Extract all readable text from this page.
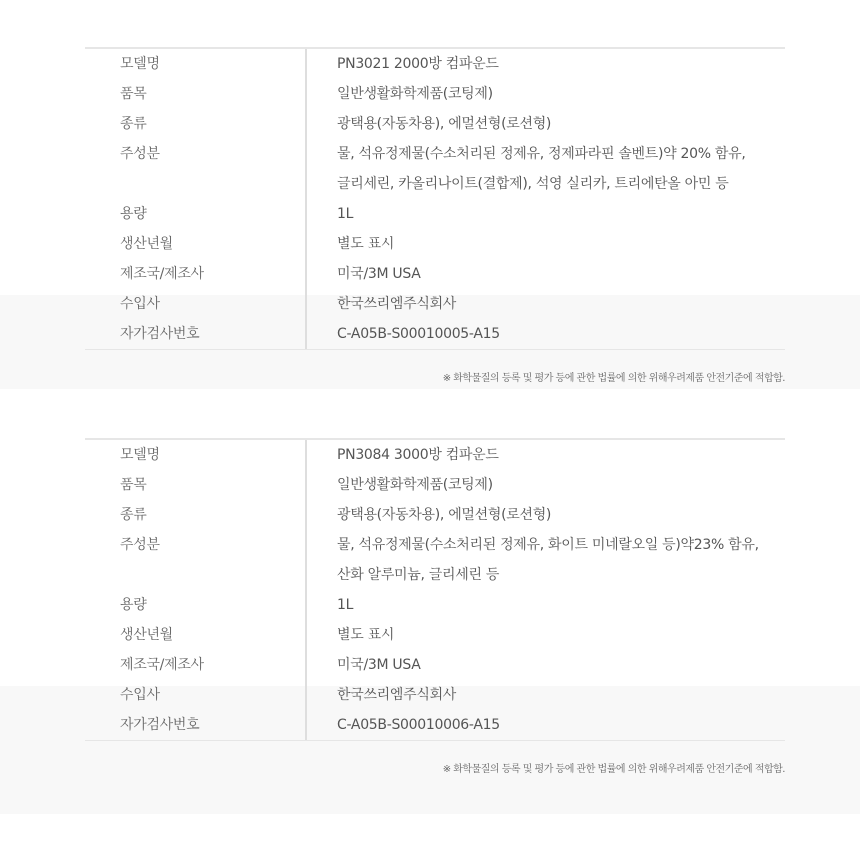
모델명	PN3021 2000방 컴파운드
품목	일반생활화학제품(코팅제)
종류	광택용(자동차용), 에멀션형(로션형)
주성분	물, 석유정제물(수소처리된 정제유, 정제파라핀 솔벤트)약 20% 함유,
글리세린, 카올리나이트(결합제), 석영 실리카, 트리에탄올 아민 등

용량	1L
생산년월	별도 표시
제조국/제조사	미국/3M USA
수입사	한국쓰리엠주식회사
자가검사번호	C-A05B-S00010005-A15
※ 화학물질의 등록 및 평가 등에 관한 법률에 의한 위해우려제품 안전기준에 적합함.
모델명	PN3084 3000방 컴파운드
품목	일반생활화학제품(코팅제)
종류	광택용(자동차용), 에멀션형(로션형)
주성분	물, 석유정제물(수소처리된 정제유, 화이트 미네랄오일 등)약23% 함유,
산화 알루미늄, 글리세린 등

용량	1L
생산년월	별도 표시
제조국/제조사	미국/3M USA
수입사	한국쓰리엠주식회사
자가검사번호	C-A05B-S00010006-A15
※ 화학물질의 등록 및 평가 등에 관한 법률에 의한 위해우려제품 안전기준에 적합함.
